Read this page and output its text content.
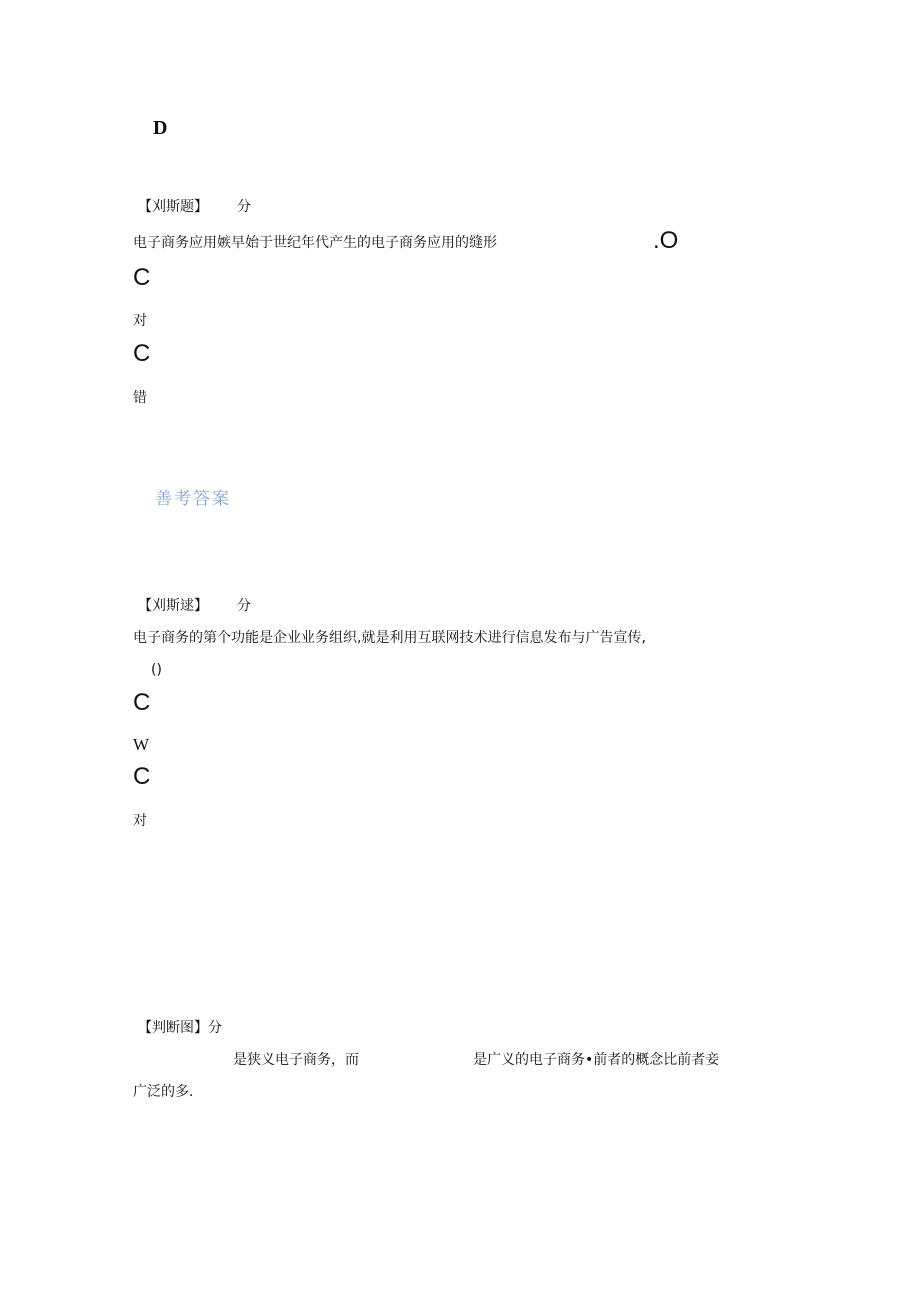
D
【刈斯题】 分
电子商务应用嫉早始于世纪年代产生的电子商务应用的缝形	.O
C
对
C
错
善考答案
【刈斯逑】 分
电子商务的第个功能是企业业务组织,就是利用互联网技术进行信息发布与广告宣传,
()
C
W
C
对
【判断图】分
是狭义电子商务，而	是广义的电子商务•前者的概念比前者妾
广泛的多.
